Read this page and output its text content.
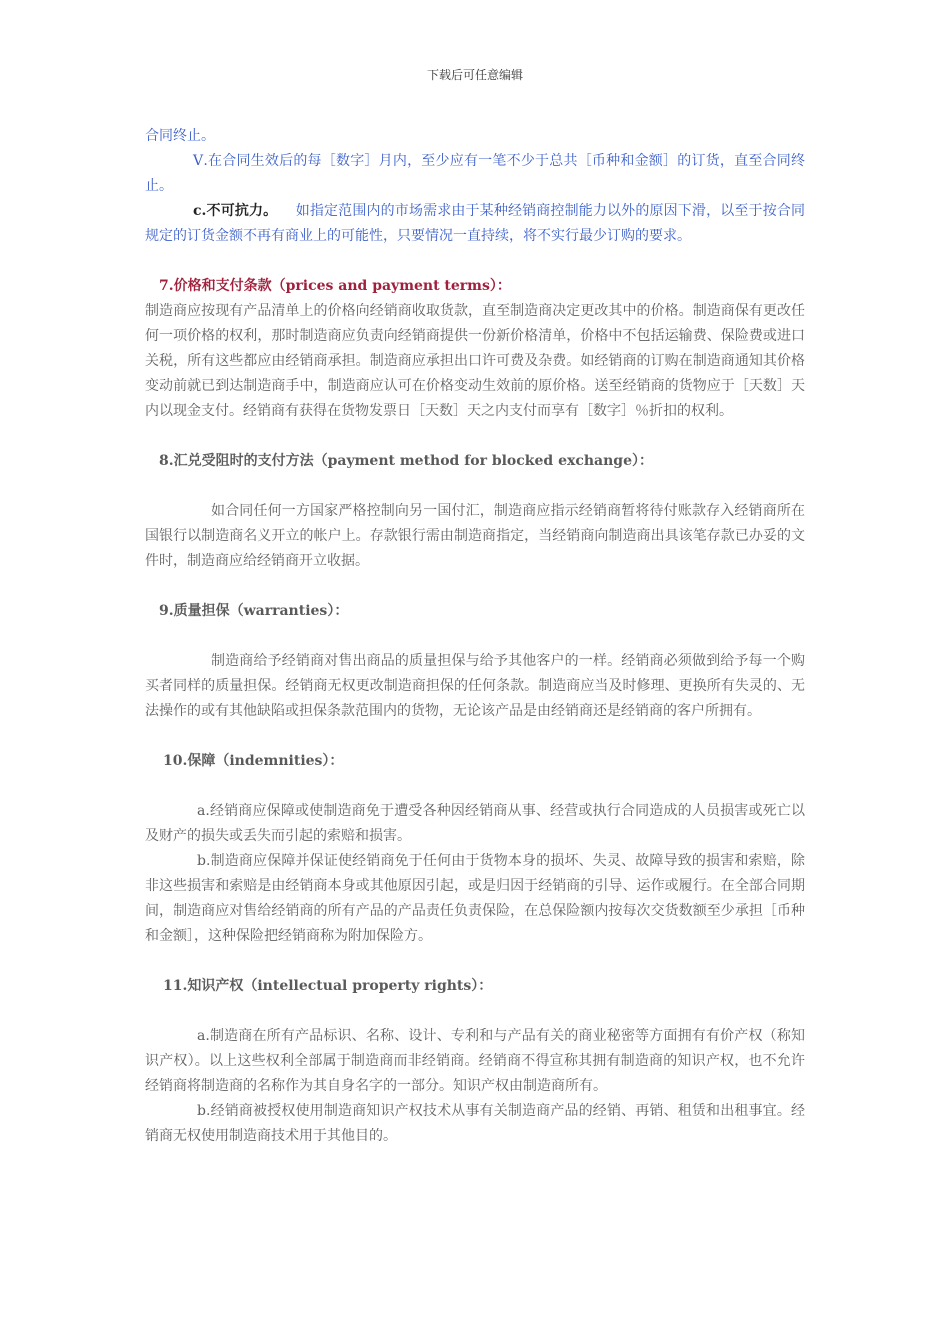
下载后可任意编辑

合同终止。

Ⅴ.在合同生效后的每［数字］月内，至少应有一笔不少于总共［币种和金额］的订货，直至合同终止。

c.不可抗力。 如指定范围内的市场需求由于某种经销商控制能力以外的原因下滑，以至于按合同规定的订货金额不再有商业上的可能性，只要情况一直持续，将不实行最少订购的要求。

7.价格和支付条款（prices and payment terms）：

制造商应按现有产品清单上的价格向经销商收取货款，直至制造商决定更改其中的价格。制造商保有更改任何一项价格的权利，那时制造商应负责向经销商提供一份新价格清单，价格中不包括运输费、保险费或进口关税，所有这些都应由经销商承担。制造商应承担出口许可费及杂费。如经销商的订购在制造商通知其价格变动前就已到达制造商手中，制造商应认可在价格变动生效前的原价格。送至经销商的货物应于［天数］天内以现金支付。经销商有获得在货物发票日［天数］天之内支付而享有［数字］％折扣的权利。

8.汇兑受阻时的支付方法（payment method for blocked exchange）：

如合同任何一方国家严格控制向另一国付汇，制造商应指示经销商暂将待付账款存入经销商所在国银行以制造商名义开立的帐户上。存款银行需由制造商指定，当经销商向制造商出具该笔存款已办妥的文件时，制造商应给经销商开立收据。

9.质量担保（warranties）：

制造商给予经销商对售出商品的质量担保与给予其他客户的一样。经销商必须做到给予每一个购买者同样的质量担保。经销商无权更改制造商担保的任何条款。制造商应当及时修理、更换所有失灵的、无法操作的或有其他缺陷或担保条款范围内的货物，无论该产品是由经销商还是经销商的客户所拥有。

10.保障（indemnities）：

a.经销商应保障或使制造商免于遭受各种因经销商从事、经营或执行合同造成的人员损害或死亡以及财产的损失或丢失而引起的索赔和损害。

b.制造商应保障并保证使经销商免于任何由于货物本身的损坏、失灵、故障导致的损害和索赔，除非这些损害和索赔是由经销商本身或其他原因引起，或是归因于经销商的引导、运作或履行。在全部合同期间，制造商应对售给经销商的所有产品的产品责任负责保险，在总保险额内按每次交货数额至少承担［币种和金额］，这种保险把经销商称为附加保险方。

11.知识产权（intellectual property rights）：

a.制造商在所有产品标识、名称、设计、专利和与产品有关的商业秘密等方面拥有有价产权（称知识产权）。以上这些权利全部属于制造商而非经销商。经销商不得宣称其拥有制造商的知识产权，也不允许经销商将制造商的名称作为其自身名字的一部分。知识产权由制造商所有。

b.经销商被授权使用制造商知识产权技术从事有关制造商产品的经销、再销、租赁和出租事宜。经销商无权使用制造商技术用于其他目的。
